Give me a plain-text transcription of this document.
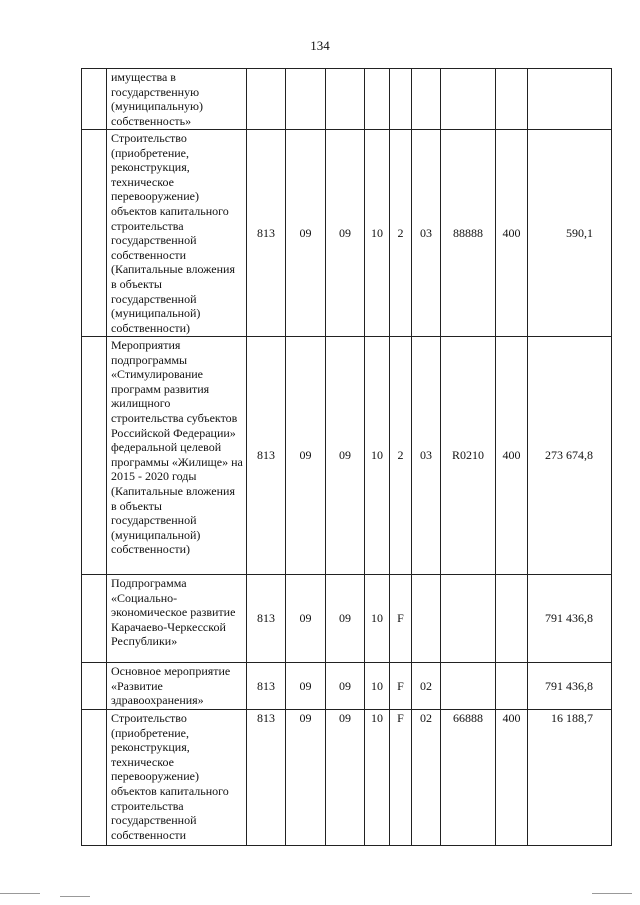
134
	имущества в государственную (муниципальную) собственность»									
	Строительство (приобретение, реконструкция, техническое перевооружение) объектов капитального строительства государственной собственности (Капитальные вложения в объекты государственной (муниципальной) собственности)	813	09	09	10	2	03	88888	400	590,1
	Мероприятия подпрограммы «Стимулирование программ развития жилищного строительства субъектов Российской Федерации» федеральной целевой программы «Жилище» на 2015 - 2020 годы (Капитальные вложения в объекты государственной (муниципальной) собственности)	813	09	09	10	2	03	R0210	400	273 674,8
	Подпрограмма «Социально-экономическое развитие Карачаево-Черкесской Республики»	813	09	09	10	F				791 436,8
	Основное мероприятие «Развитие здравоохранения»	813	09	09	10	F	02			791 436,8
	Строительство (приобретение, реконструкция, техническое перевооружение) объектов капитального строительства государственной собственности	813	09	09	10	F	02	66888	400	16 188,7
